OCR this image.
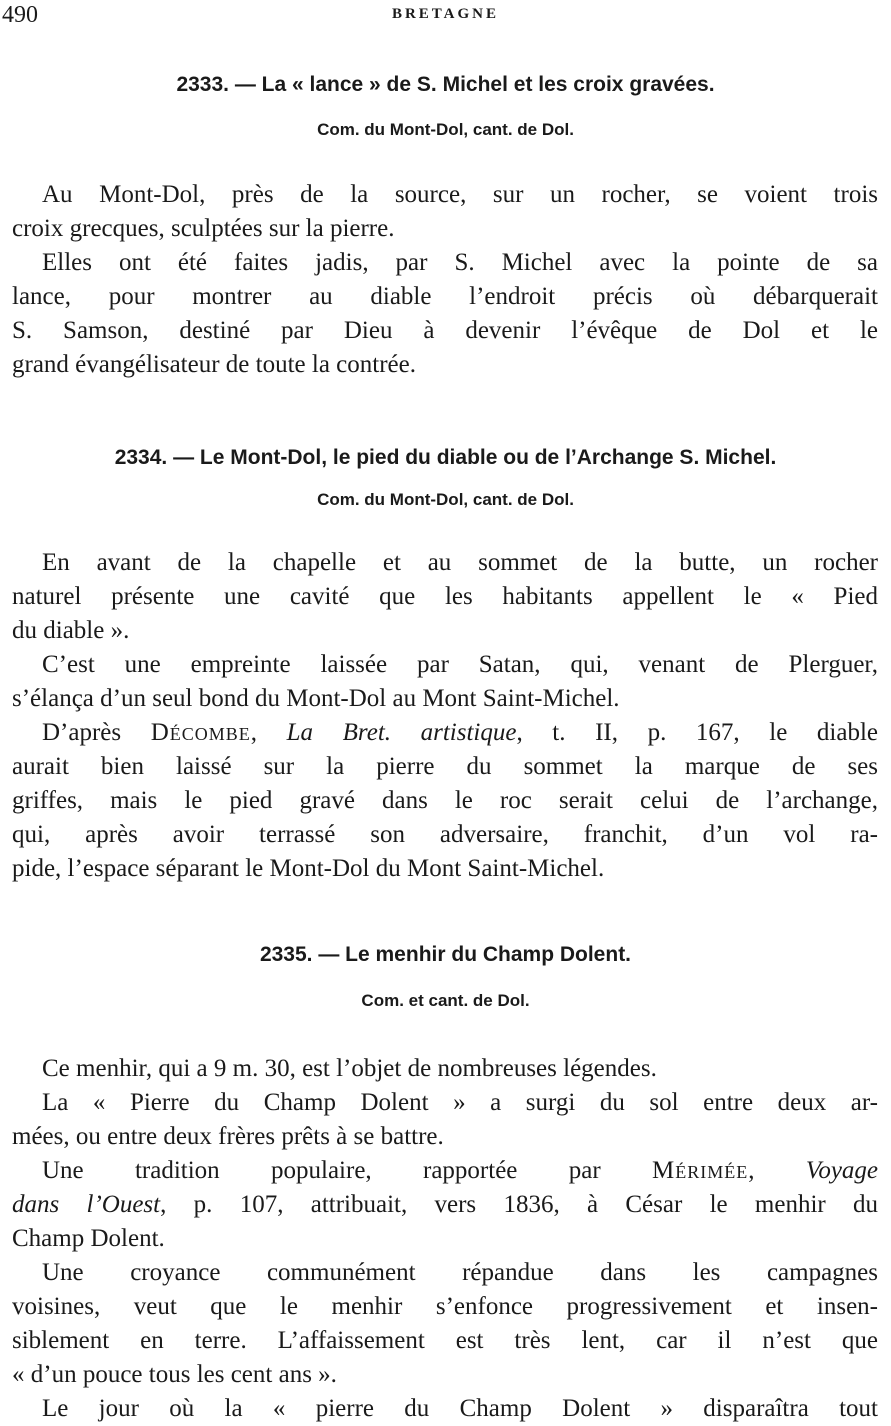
490	BRETAGNE
2333. — La « lance » de S. Michel et les croix gravées.
Com. du Mont-Dol, cant. de Dol.
Au Mont-Dol, près de la source, sur un rocher, se voient trois
croix grecques, sculptées sur la pierre.
Elles ont été faites jadis, par S. Michel avec la pointe de sa
lance, pour montrer au diable l’endroit précis où débarquerait
S. Samson, destiné par Dieu à devenir l’évêque de Dol et le
grand évangélisateur de toute la contrée.
2334. — Le Mont-Dol, le pied du diable ou de l’Archange S. Michel.
Com. du Mont-Dol, cant. de Dol.
En avant de la chapelle et au sommet de la butte, un rocher
naturel présente une cavité que les habitants appellent le « Pied
du diable ».
C’est une empreinte laissée par Satan, qui, venant de Plerguer,
s’élança d’un seul bond du Mont-Dol au Mont Saint-Michel.
D’après Décombe, La Bret. artistique, t. II, p. 167, le diable
aurait bien laissé sur la pierre du sommet la marque de ses
griffes, mais le pied gravé dans le roc serait celui de l’archange,
qui, après avoir terrassé son adversaire, franchit, d’un vol ra-
pide, l’espace séparant le Mont-Dol du Mont Saint-Michel.
2335. — Le menhir du Champ Dolent.
Com. et cant. de Dol.
Ce menhir, qui a 9 m. 30, est l’objet de nombreuses légendes.
La « Pierre du Champ Dolent » a surgi du sol entre deux ar-
mées, ou entre deux frères prêts à se battre.
Une tradition populaire, rapportée par Mérimée, Voyage
dans l’Ouest, p. 107, attribuait, vers 1836, à César le menhir du
Champ Dolent.
Une croyance communément répandue dans les campagnes
voisines, veut que le menhir s’enfonce progressivement et insen-
siblement en terre. L’affaissement est très lent, car il n’est que
« d’un pouce tous les cent ans ».
Le jour où la « pierre du Champ Dolent » disparaîtra tout
